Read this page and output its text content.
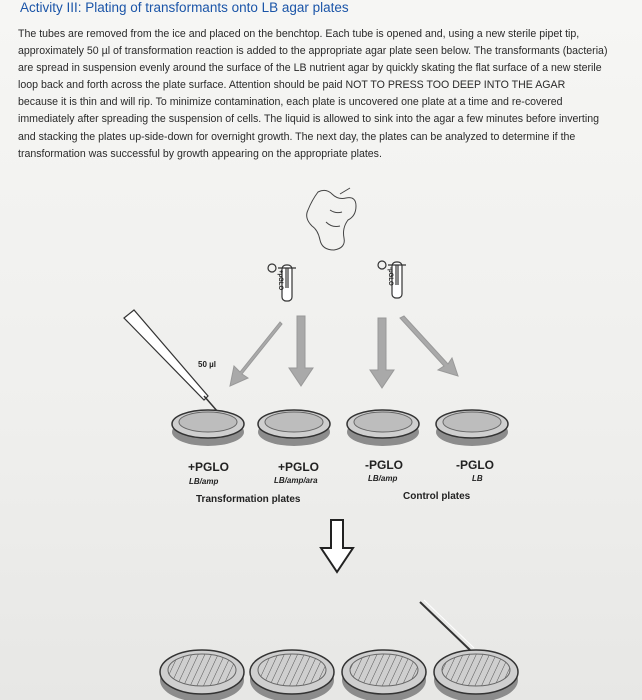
Activity III: Plating of transformants onto LB agar plates
The tubes are removed from the ice and placed on the benchtop. Each tube is opened and, using a new sterile pipet tip, approximately 50 µl of transformation reaction is added to the appropriate agar plate seen below. The transformants (bacteria) are spread in suspension evenly around the surface of the LB nutrient agar by quickly skating the flat surface of a new sterile loop back and forth across the plate surface. Attention should be paid NOT TO PRESS TOO DEEP INTO THE AGAR because it is thin and will rip. To minimize contamination, each plate is uncovered one plate at a time and re-covered immediately after spreading the suspension of cells. The liquid is allowed to sink into the agar a few minutes before inverting and stacking the plates up-side-down for overnight growth. The next day, the plates can be analyzed to determine if the transformation was successful by growth appearing on the appropriate plates.
50 µl
+pGLO	-pGLO
+PGLO
LB/amp
+PGLO
LB/amp/ara
-PGLO
LB/amp
-PGLO
LB
Transformation plates	Control plates
